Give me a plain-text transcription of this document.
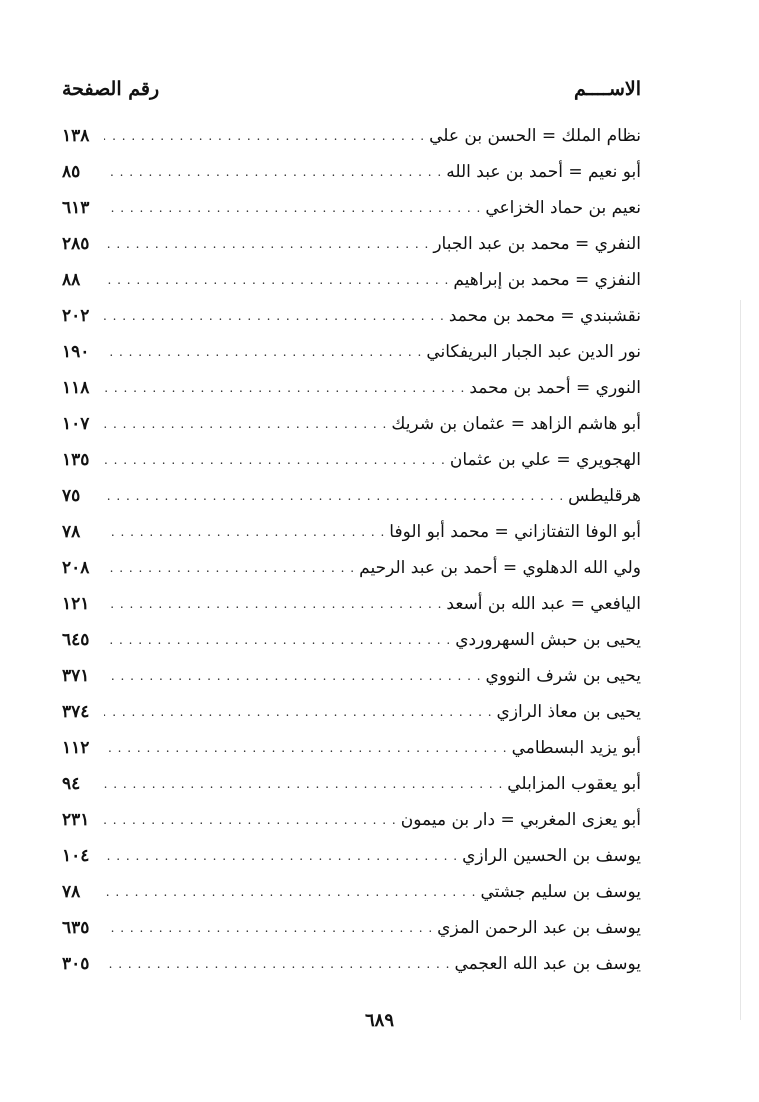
الاســــم
رقم الصفحة
نظام الملك = الحسن بن علي
. . .
١٣٨
أبو نعيم = أحمد بن عبد الله
. . .
٨٥
نعيم بن حماد الخزاعي
. . .
٦١٣
النفري = محمد بن عبد الجبار
. . .
٢٨٥
النفزي = محمد بن إبراهيم
. . .
٨٨
نقشبندي = محمد بن محمد
. . .
٢٠٢
نور الدين عبد الجبار البريفكاني
. . .
١٩٠
النوري = أحمد بن محمد
. . .
١١٨
أبو هاشم الزاهد = عثمان بن شريك
. . .
١٠٧
الهجويري = علي بن عثمان
. . .
١٣٥
هرقليطس
. . .
٧٥
أبو الوفا التفتازاني = محمد أبو الوفا
. . .
٧٨
ولي الله الدهلوي = أحمد بن عبد الرحيم
. . .
٢٠٨
اليافعي = عبد الله بن أسعد
. . .
١٢١
يحيى بن حبش السهروردي
. . .
٦٤٥
يحيى بن شرف النووي
. . .
٣٧١
يحيى بن معاذ الرازي
. . .
٣٧٤
أبو يزيد البسطامي
. . .
١١٢
أبو يعقوب المزابلي
. . .
٩٤
أبو يعزى المغربي = دار بن ميمون
. . .
٢٣١
يوسف بن الحسين الرازي
. . .
١٠٤
يوسف بن سليم جشتي
. . .
٧٨
يوسف بن عبد الرحمن المزي
. . .
٦٣٥
يوسف بن عبد الله العجمي
. . .
٣٠٥
٦٨٩
